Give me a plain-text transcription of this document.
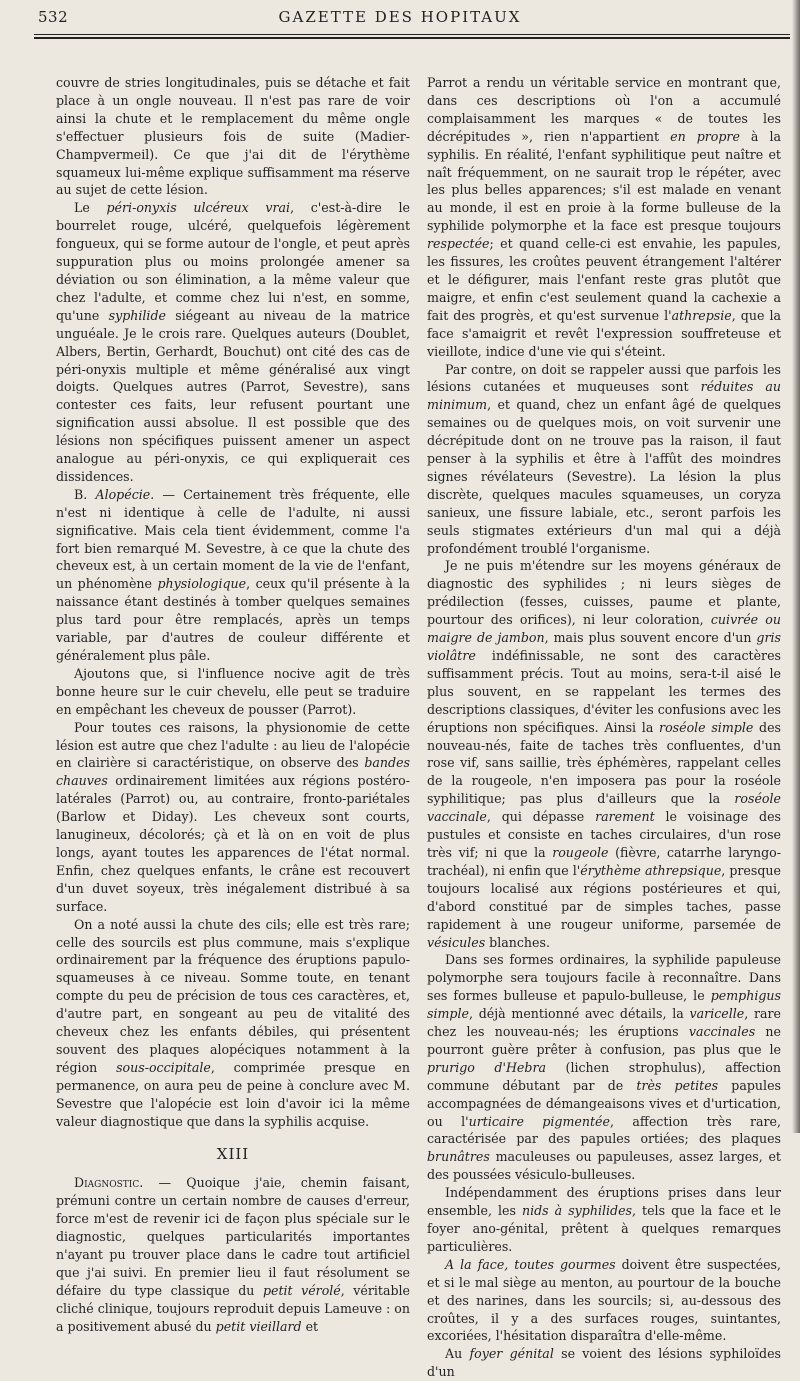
532	GAZETTE DES HOPITAUX

couvre de stries longitudinales, puis se détache et fait place à un ongle nouveau. Il n'est pas rare de voir ainsi la chute et le remplacement du même ongle s'effectuer plusieurs fois de suite (Madier-Champvermeil). Ce que j'ai dit de l'érythème squameux lui-même explique suffisamment ma réserve au sujet de cette lésion.

Le péri-onyxis ulcéreux vrai, c'est-à-dire le bourrelet rouge, ulcéré, quelquefois légèrement fongueux, qui se forme autour de l'ongle, et peut après suppuration plus ou moins prolongée amener sa déviation ou son élimination, a la même valeur que chez l'adulte, et comme chez lui n'est, en somme, qu'une syphilide siégeant au niveau de la matrice unguéale. Je le crois rare. Quelques auteurs (Doublet, Albers, Bertin, Gerhardt, Bouchut) ont cité des cas de péri-onyxis multiple et même généralisé aux vingt doigts. Quelques autres (Parrot, Sevestre), sans contester ces faits, leur refusent pourtant une signification aussi absolue. Il est possible que des lésions non spécifiques puissent amener un aspect analogue au péri-onyxis, ce qui expliquerait ces dissidences.

B. Alopécie. — Certainement très fréquente, elle n'est ni identique à celle de l'adulte, ni aussi significative. Mais cela tient évidemment, comme l'a fort bien remarqué M. Sevestre, à ce que la chute des cheveux est, à un certain moment de la vie de l'enfant, un phénomène physiologique, ceux qu'il présente à la naissance étant destinés à tomber quelques semaines plus tard pour être remplacés, après un temps variable, par d'autres de couleur différente et généralement plus pâle.

Ajoutons que, si l'influence nocive agit de très bonne heure sur le cuir chevelu, elle peut se traduire en empêchant les cheveux de pousser (Parrot).

Pour toutes ces raisons, la physionomie de cette lésion est autre que chez l'adulte : au lieu de l'alopécie en clairière si caractéristique, on observe des bandes chauves ordinairement limitées aux régions postéro-latérales (Parrot) ou, au contraire, fronto-pariétales (Barlow et Diday). Les cheveux sont courts, lanugineux, décolorés; çà et là on en voit de plus longs, ayant toutes les apparences de l'état normal. Enfin, chez quelques enfants, le crâne est recouvert d'un duvet soyeux, très inégalement distribué à sa surface.

On a noté aussi la chute des cils; elle est très rare; celle des sourcils est plus commune, mais s'explique ordinairement par la fréquence des éruptions papulo-squameuses à ce niveau. Somme toute, en tenant compte du peu de précision de tous ces caractères, et, d'autre part, en songeant au peu de vitalité des cheveux chez les enfants débiles, qui présentent souvent des plaques alopéciques notamment à la région sous-occipitale, comprimée presque en permanence, on aura peu de peine à conclure avec M. Sevestre que l'alopécie est loin d'avoir ici la même valeur diagnostique que dans la syphilis acquise.

XIII

Diagnostic. — Quoique j'aie, chemin faisant, prémuni contre un certain nombre de causes d'erreur, force m'est de revenir ici de façon plus spéciale sur le diagnostic, quelques particularités importantes n'ayant pu trouver place dans le cadre tout artificiel que j'ai suivi. En premier lieu il faut résolument se défaire du type classique du petit vérolé, véritable cliché clinique, toujours reproduit depuis Lameuve : on a positivement abusé du petit vieillard et

Parrot a rendu un véritable service en montrant que, dans ces descriptions où l'on a accumulé complaisamment les marques « de toutes les décrépitudes », rien n'appartient en propre à la syphilis. En réalité, l'enfant syphilitique peut naître et naît fréquemment, on ne saurait trop le répéter, avec les plus belles apparences; s'il est malade en venant au monde, il est en proie à la forme bulleuse de la syphilide polymorphe et la face est presque toujours respectée; et quand celle-ci est envahie, les papules, les fissures, les croûtes peuvent étrangement l'altérer et le défigurer, mais l'enfant reste gras plutôt que maigre, et enfin c'est seulement quand la cachexie a fait des progrès, et qu'est survenue l'athrepsie, que la face s'amaigrit et revêt l'expression souffreteuse et vieillote, indice d'une vie qui s'éteint.

Par contre, on doit se rappeler aussi que parfois les lésions cutanées et muqueuses sont réduites au minimum, et quand, chez un enfant âgé de quelques semaines ou de quelques mois, on voit survenir une décrépitude dont on ne trouve pas la raison, il faut penser à la syphilis et être à l'affût des moindres signes révélateurs (Sevestre). La lésion la plus discrète, quelques macules squameuses, un coryza sanieux, une fissure labiale, etc., seront parfois les seuls stigmates extérieurs d'un mal qui a déjà profondément troublé l'organisme.

Je ne puis m'étendre sur les moyens généraux de diagnostic des syphilides ; ni leurs sièges de prédilection (fesses, cuisses, paume et plante, pourtour des orifices), ni leur coloration, cuivrée ou maigre de jambon, mais plus souvent encore d'un gris violâtre indéfinissable, ne sont des caractères suffisamment précis. Tout au moins, sera-t-il aisé le plus souvent, en se rappelant les termes des descriptions classiques, d'éviter les confusions avec les éruptions non spécifiques. Ainsi la roséole simple des nouveau-nés, faite de taches très confluentes, d'un rose vif, sans saillie, très éphémères, rappelant celles de la rougeole, n'en imposera pas pour la roséole syphilitique; pas plus d'ailleurs que la roséole vaccinale, qui dépasse rarement le voisinage des pustules et consiste en taches circulaires, d'un rose très vif; ni que la rougeole (fièvre, catarrhe laryngo-trachéal), ni enfin que l'érythème athrepsique, presque toujours localisé aux régions postérieures et qui, d'abord constitué par de simples taches, passe rapidement à une rougeur uniforme, parsemée de vésicules blanches.

Dans ses formes ordinaires, la syphilide papuleuse polymorphe sera toujours facile à reconnaître. Dans ses formes bulleuse et papulo-bulleuse, le pemphigus simple, déjà mentionné avec détails, la varicelle, rare chez les nouveau-nés; les éruptions vaccinales ne pourront guère prêter à confusion, pas plus que le prurigo d'Hebra (lichen strophulus), affection commune débutant par de très petites papules accompagnées de démangeaisons vives et d'urtication, ou l'urticaire pigmentée, affection très rare, caractérisée par des papules ortiées; des plaques brunâtres maculeuses ou papuleuses, assez larges, et des poussées vésiculo-bulleuses.

Indépendamment des éruptions prises dans leur ensemble, les nids à syphilides, tels que la face et le foyer ano-génital, prêtent à quelques remarques particulières.

A la face, toutes gourmes doivent être suspectées, et si le mal siège au menton, au pourtour de la bouche et des narines, dans les sourcils; si, au-dessous des croûtes, il y a des surfaces rouges, suintantes, excoriées, l'hésitation disparaîtra d'elle-même.

Au foyer génital se voient des lésions syphiloïdes d'un
